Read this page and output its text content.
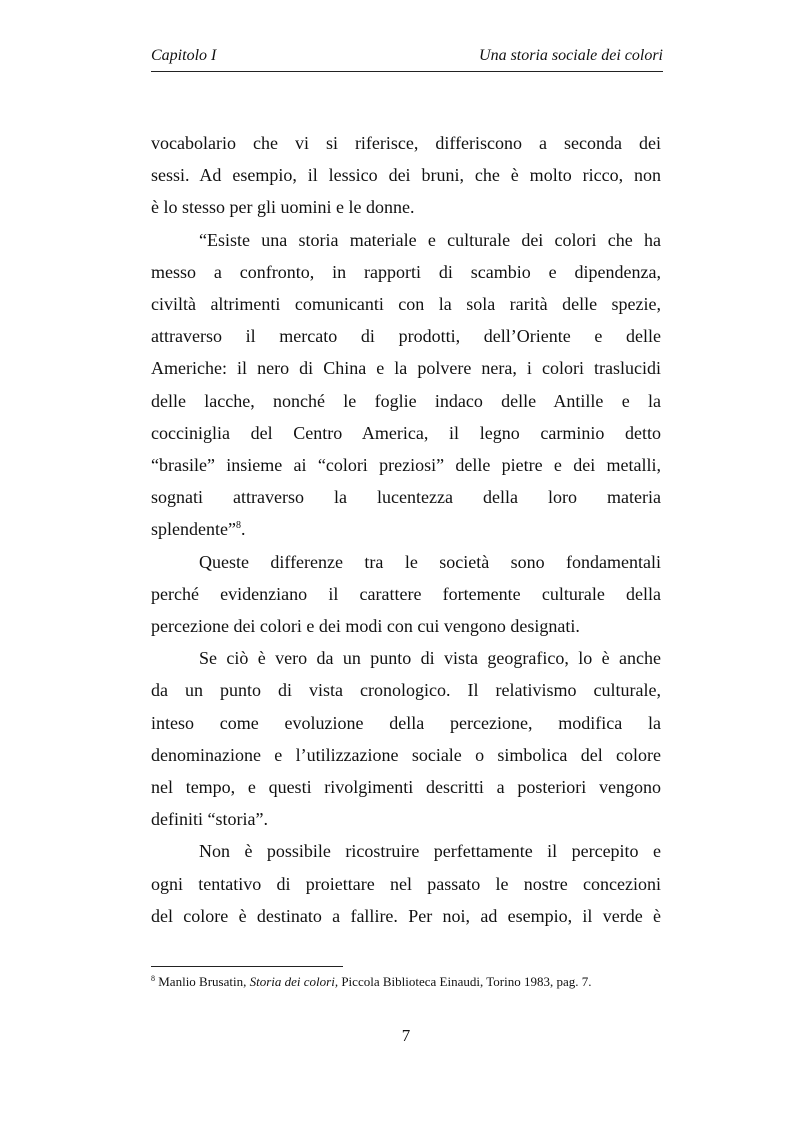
Capitolo I	Una storia sociale dei colori

vocabolario che vi si riferisce, differiscono a seconda dei
sessi. Ad esempio, il lessico dei bruni, che è molto ricco, non
è lo stesso per gli uomini e le donne.

“Esiste una storia materiale e culturale dei colori che ha
messo a confronto, in rapporti di scambio e dipendenza,
civiltà altrimenti comunicanti con la sola rarità delle spezie,
attraverso il mercato di prodotti, dell’Oriente e delle
Americhe: il nero di China e la polvere nera, i colori traslucidi
delle lacche, nonché le foglie indaco delle Antille e la
cocciniglia del Centro America, il legno carminio detto
“brasile” insieme ai “colori preziosi” delle pietre e dei metalli,
sognati attraverso la lucentezza della loro materia
splendente”$^8$.

Queste differenze tra le società sono fondamentali
perché evidenziano il carattere fortemente culturale della
percezione dei colori e dei modi con cui vengono designati.

Se ciò è vero da un punto di vista geografico, lo è anche
da un punto di vista cronologico. Il relativismo culturale,
inteso come evoluzione della percezione, modifica la
denominazione e l’utilizzazione sociale o simbolica del colore
nel tempo, e questi rivolgimenti descritti a posteriori vengono
definiti “storia”.

Non è possibile ricostruire perfettamente il percepito e
ogni tentativo di proiettare nel passato le nostre concezioni
del colore è destinato a fallire. Per noi, ad esempio, il verde è

$^8$ Manlio Brusatin, Storia dei colori, Piccola Biblioteca Einaudi, Torino 1983, pag. 7.
7
